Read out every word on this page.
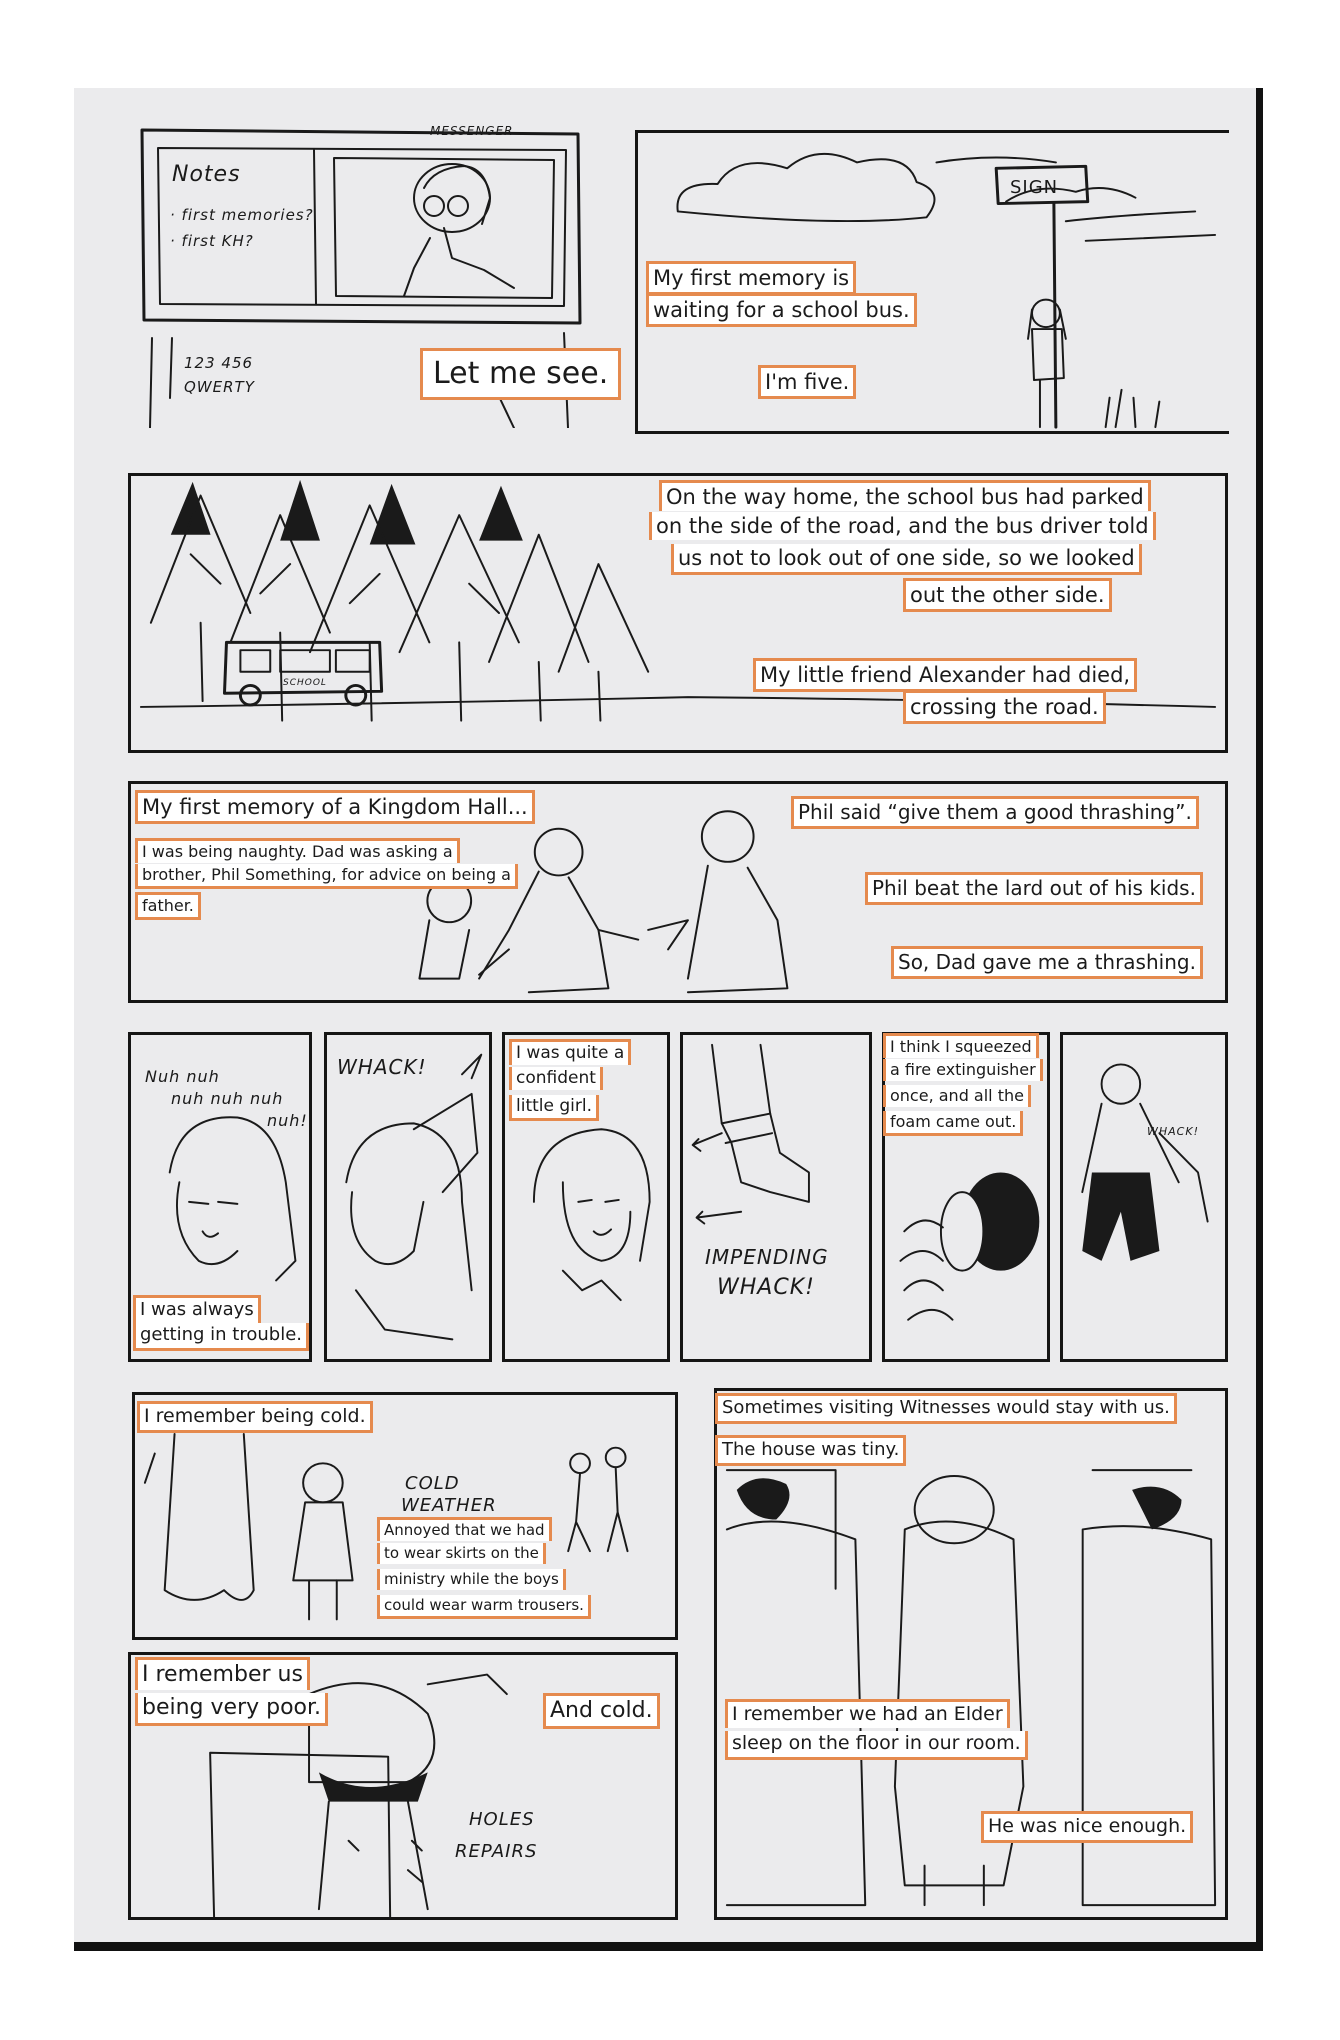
MESSENGER
Notes
· first memories?
· first KH?
123 456
QWERTY	Let me see.
My first memory is
waiting for a school bus.
I'm five.
SIGN
SCHOOL
On the way home, the school bus had parked
on the side of the road, and the bus driver told
us not to look out of one side, so we looked
out the other side.
My little friend Alexander had died,
crossing the road.
My first memory of a Kingdom Hall...
I was being naughty. Dad was asking a
brother, Phil Something, for advice on being a
father.
Phil said “give them a good thrashing”.
Phil beat the lard out of his kids.
So, Dad gave me a thrashing.
Nuh nuh
nuh nuh nuh
nuh!
I was always
getting in trouble.
WHACK!
I was quite a
confident
little girl.
IMPENDING
WHACK!
I think I squeezed
a fire extinguisher
once, and all the
foam came out.
WHACK!
I remember being cold.
COLD
WEATHER
Annoyed that we had
to wear skirts on the
ministry while the boys
could wear warm trousers.
I remember us
being very poor.	And cold.
HOLES
REPAIRS
Sometimes visiting Witnesses would stay with us.
The house was tiny.
I remember we had an Elder
sleep on the floor in our room.
He was nice enough.
